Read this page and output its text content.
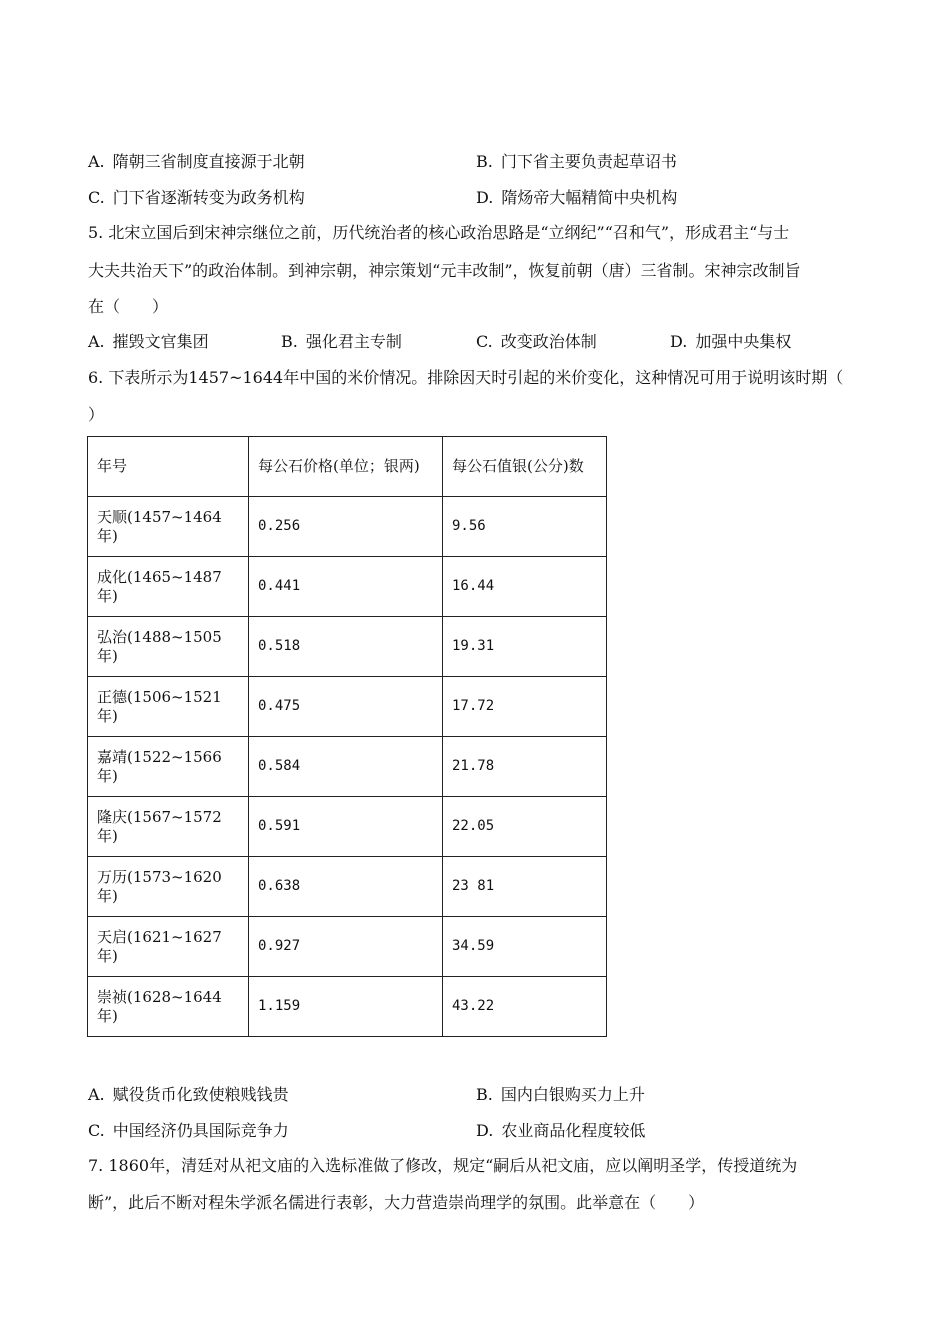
A. 隋朝三省制度直接源于北朝	B. 门下省主要负责起草诏书
C. 门下省逐渐转变为政务机构	D. 隋炀帝大幅精简中央机构
5. 北宋立国后到宋神宗继位之前，历代统治者的核心政治思路是“立纲纪”“召和气”，形成君主“与士
大夫共治天下”的政治体制。到神宗朝，神宗策划“元丰改制”，恢复前朝（唐）三省制。宋神宗改制旨
在（　　）
A. 摧毁文官集团	B. 强化君主专制	C. 改变政治体制	D. 加强中央集权
6. 下表所示为1457~1644年中国的米价情况。排除因天时引起的米价变化，这种情况可用于说明该时期（
）
年号	每公石价格(单位；银两)	每公石值银(公分)数
天顺(1457~1464年)	0.256	9.56
成化(1465~1487年)	0.441	16.44
弘治(1488~1505年)	0.518	19.31
正德(1506~1521年)	0.475	17.72
嘉靖(1522~1566年)	0.584	21.78
隆庆(1567~1572年)	0.591	22.05
万历(1573~1620年)	0.638	23 81
天启(1621~1627年)	0.927	34.59
崇祯(1628~1644年)	1.159	43.22
A. 赋役货币化致使粮贱钱贵	B. 国内白银购买力上升
C. 中国经济仍具国际竞争力	D. 农业商品化程度较低
7. 1860年，清廷对从祀文庙的入选标准做了修改，规定“嗣后从祀文庙，应以阐明圣学，传授道统为
断”，此后不断对程朱学派名儒进行表彰，大力营造崇尚理学的氛围。此举意在（　　）
